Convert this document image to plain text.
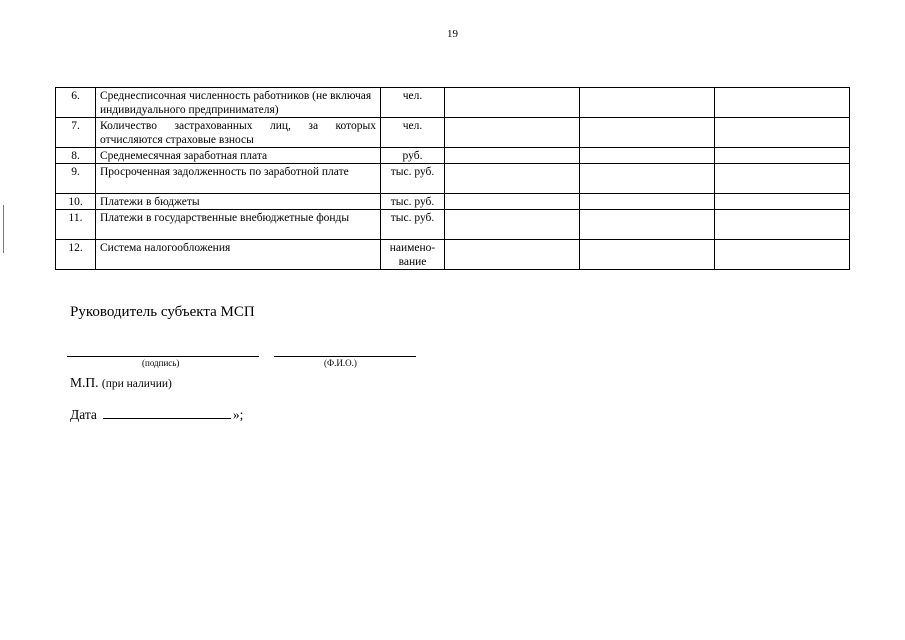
19
6.	Среднесписочная численность работников (не включая индивидуального предпринимателя)	чел.			
7.	Количество застрахованных лиц, за которых отчисляются страховые взносы	чел.			
8.	Среднемесячная заработная плата	руб.			
9.	Просроченная задолженность по заработной плате	тыс. руб.			
10.	Платежи в бюджеты	тыс. руб.			
11.	Платежи в государственные внебюджетные фонды	тыс. руб.			
12.	Система налогообложения	наимено-вание			
Руководитель субъекта МСП
(подпись)	(Ф.И.О.)
М.П. (при наличии)
Дата	»;
